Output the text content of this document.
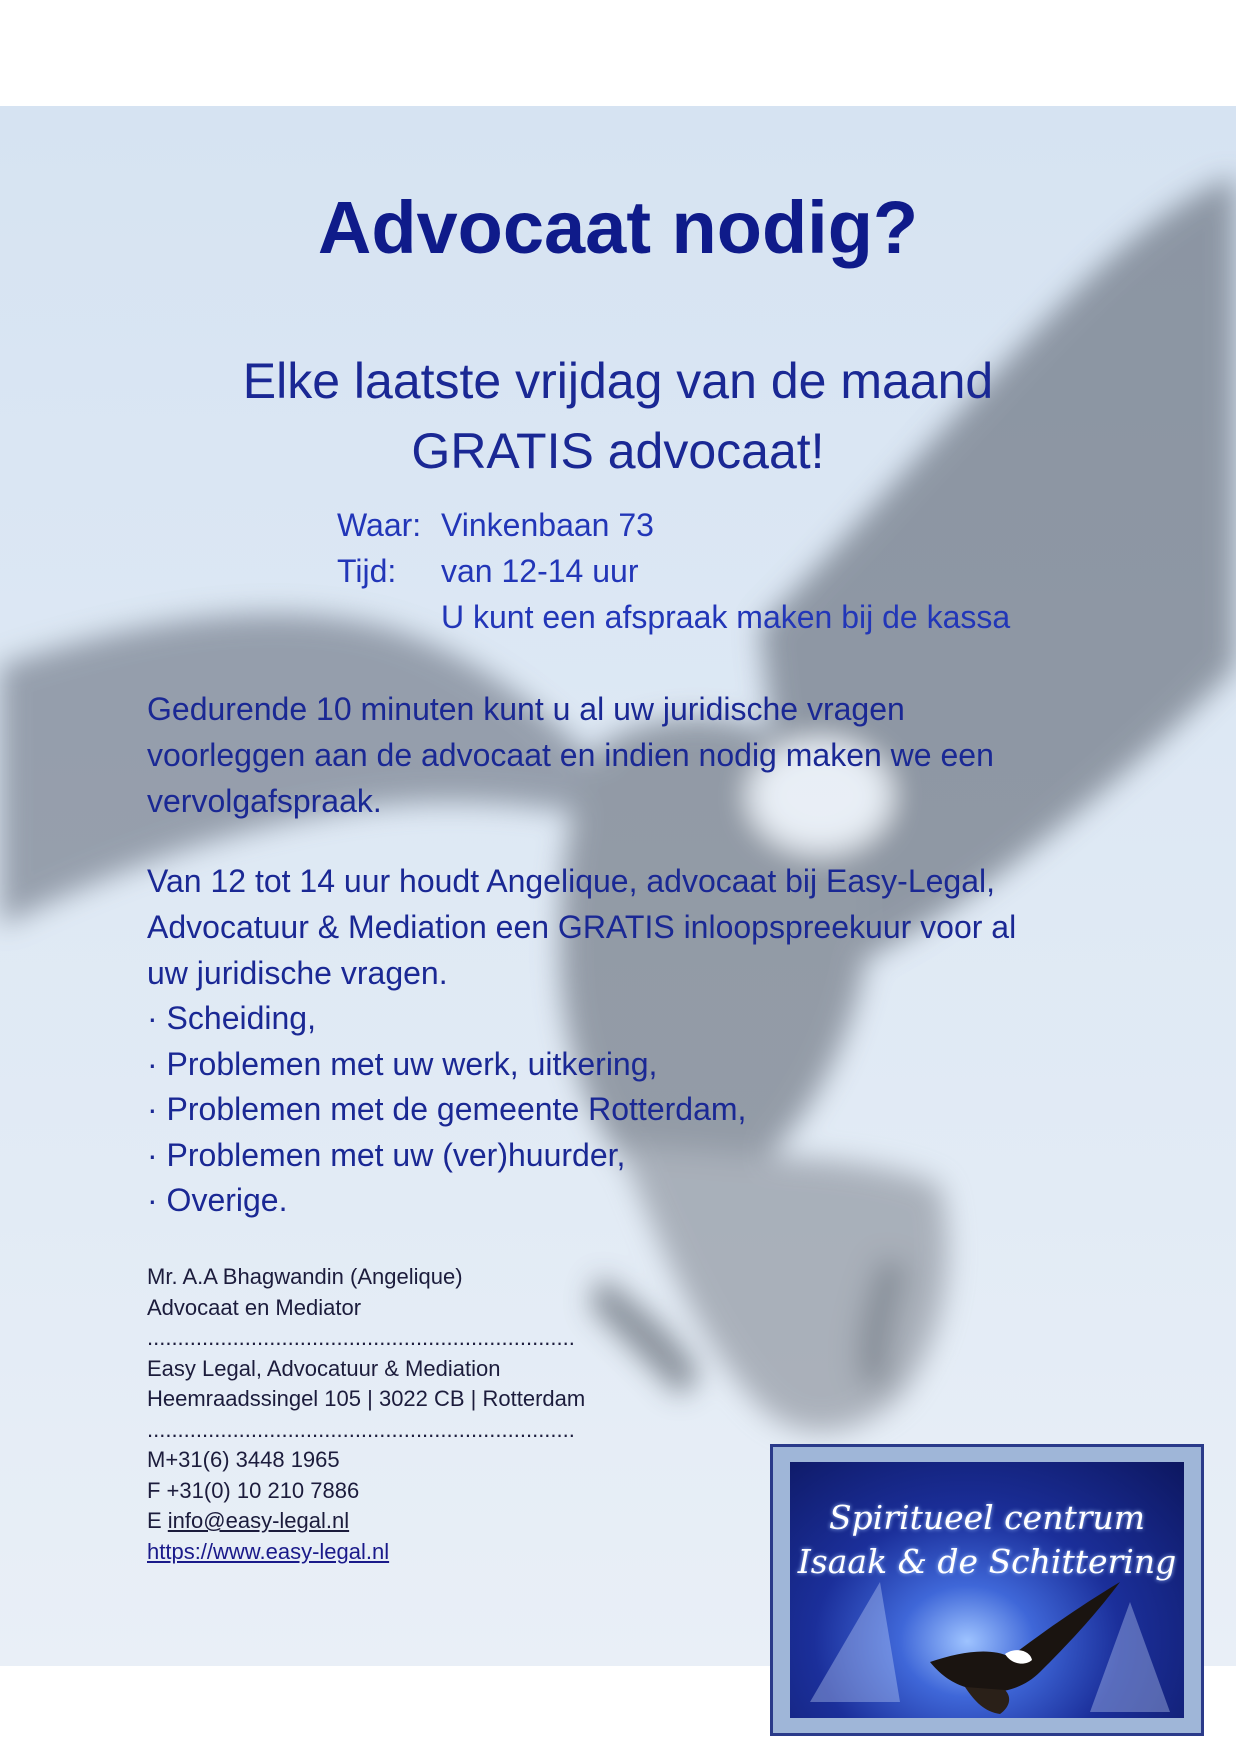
Advocaat nodig?
Elke laatste vrijdag van de maand
GRATIS advocaat!
Waar: Vinkenbaan 73
Tijd: van 12-14 uur
U kunt een afspraak maken bij de kassa
Gedurende 10 minuten kunt u al uw juridische vragen
voorleggen aan de advocaat en indien nodig maken we een
vervolgafspraak.
Van 12 tot 14 uur houdt Angelique, advocaat bij Easy-Legal,
Advocatuur & Mediation een GRATIS inloopspreekuur voor al
uw juridische vragen.
· Scheiding,
· Problemen met uw werk, uitkering,
· Problemen met de gemeente Rotterdam,
· Problemen met uw (ver)huurder,
· Overige.
Mr. A.A Bhagwandin (Angelique)
Advocaat en Mediator
......................................................................
Easy Legal, Advocatuur & Mediation
Heemraadssingel 105 | 3022 CB | Rotterdam
......................................................................
M+31(6) 3448 1965
F +31(0) 10 210 7886
E info@easy-legal.nl
https://www.easy-legal.nl
Spiritueel centrum
Isaak & de Schittering
